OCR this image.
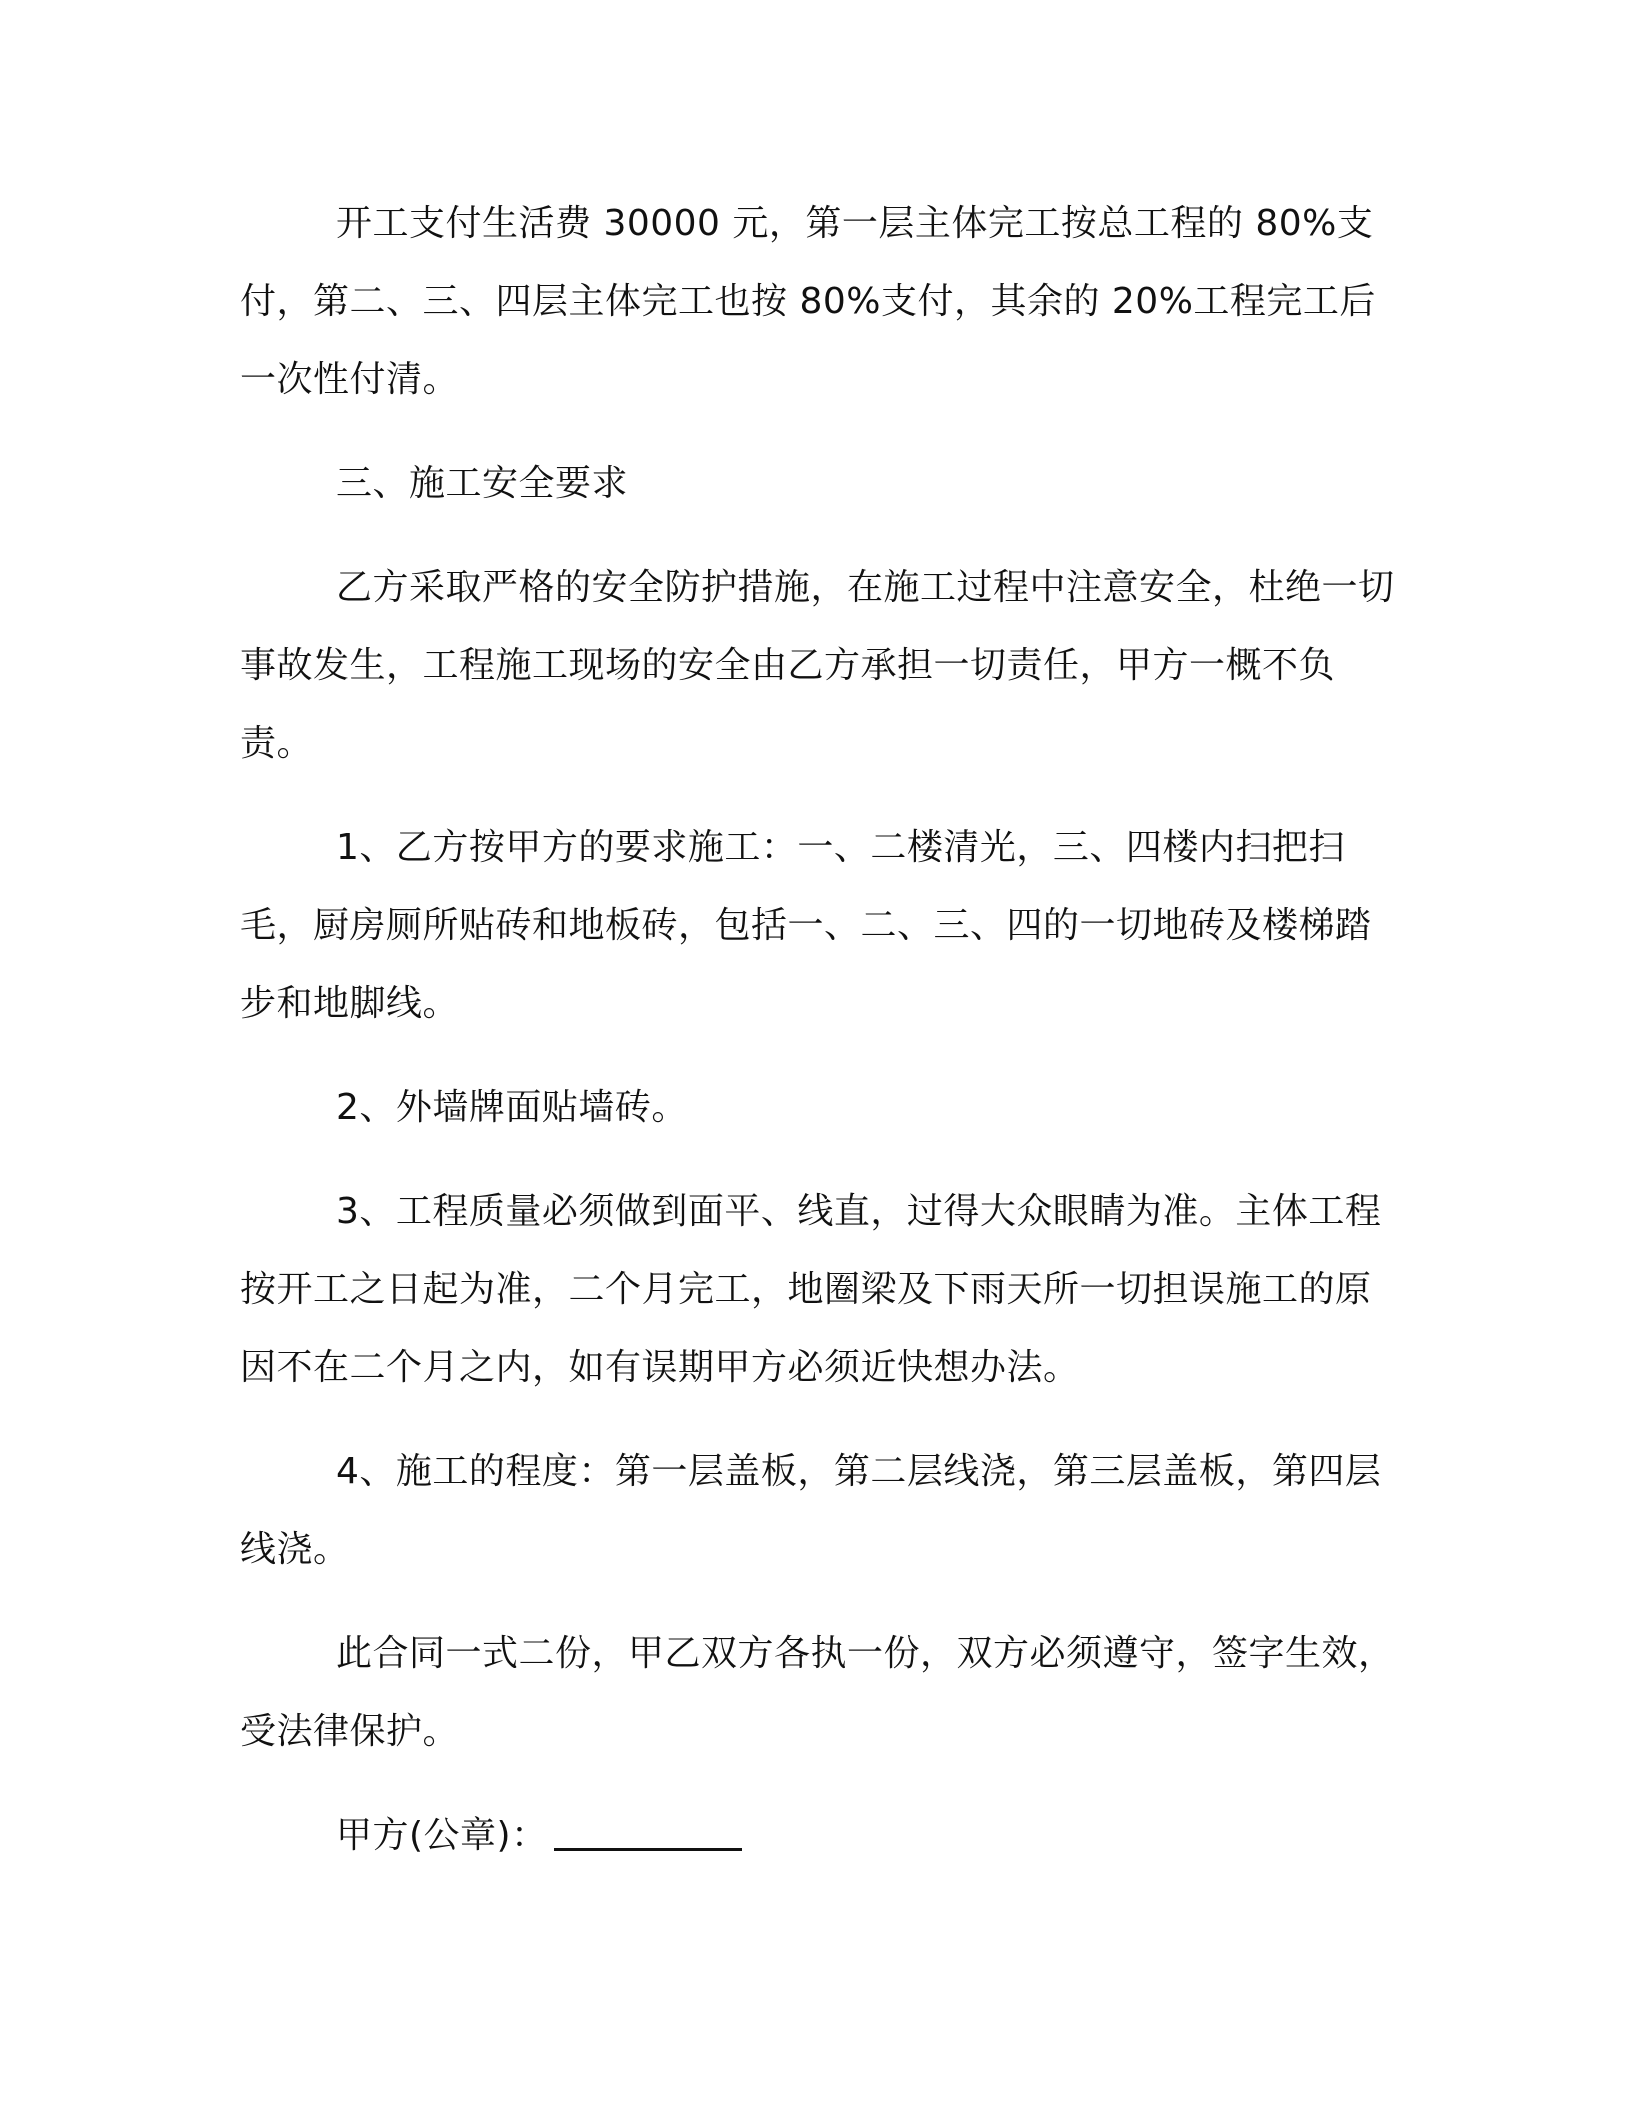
开工支付生活费 30000 元，第一层主体完工按总工程的 80%支付，第二、三、四层主体完工也按 80%支付，其余的 20%工程完工后一次性付清。

三、施工安全要求

乙方采取严格的安全防护措施，在施工过程中注意安全，杜绝一切事故发生，工程施工现场的安全由乙方承担一切责任，甲方一概不负责。

1、乙方按甲方的要求施工：一、二楼清光，三、四楼内扫把扫毛，厨房厕所贴砖和地板砖，包括一、二、三、四的一切地砖及楼梯踏步和地脚线。

2、外墙牌面贴墙砖。

3、工程质量必须做到面平、线直，过得大众眼睛为准。主体工程按开工之日起为准，二个月完工，地圈梁及下雨天所一切担误施工的原因不在二个月之内，如有误期甲方必须近快想办法。

4、施工的程度：第一层盖板，第二层线浇，第三层盖板，第四层线浇。

此合同一式二份，甲乙双方各执一份，双方必须遵守，签字生效，受法律保护。

甲方(公章)：
